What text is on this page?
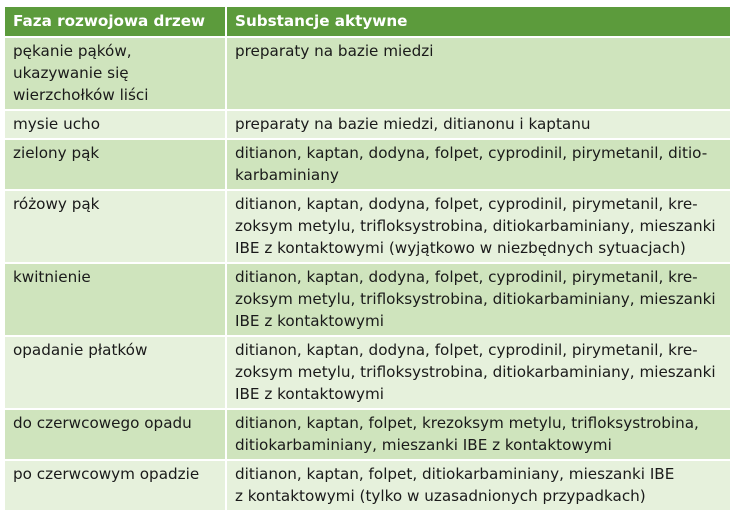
Faza rozwojowa drzew	Substancje aktywne

pękanie pąków,
ukazywanie się
wierzchołków liści	preparaty na bazie miedzi

mysie ucho	preparaty na bazie miedzi, ditianonu i kaptanu

zielony pąk	ditianon, kaptan, dodyna, folpet, cyprodinil, pirymetanil, ditio-
karbaminiany

różowy pąk	ditianon, kaptan, dodyna, folpet, cyprodinil, pirymetanil, kre-
zoksym metylu, trifloksystrobina, ditiokarbaminiany, mieszanki
IBE z kontaktowymi (wyjątkowo w niezbędnych sytuacjach)

kwitnienie	ditianon, kaptan, dodyna, folpet, cyprodinil, pirymetanil, kre-
zoksym metylu, trifloksystrobina, ditiokarbaminiany, mieszanki
IBE z kontaktowymi

opadanie płatków	ditianon, kaptan, dodyna, folpet, cyprodinil, pirymetanil, kre-
zoksym metylu, trifloksystrobina, ditiokarbaminiany, mieszanki
IBE z kontaktowymi

do czerwcowego opadu	ditianon, kaptan, folpet, krezoksym metylu, trifloksystrobina,
ditiokarbaminiany, mieszanki IBE z kontaktowymi

po czerwcowym opadzie	ditianon, kaptan, folpet, ditiokarbaminiany, mieszanki IBE
z kontaktowymi (tylko w uzasadnionych przypadkach)
